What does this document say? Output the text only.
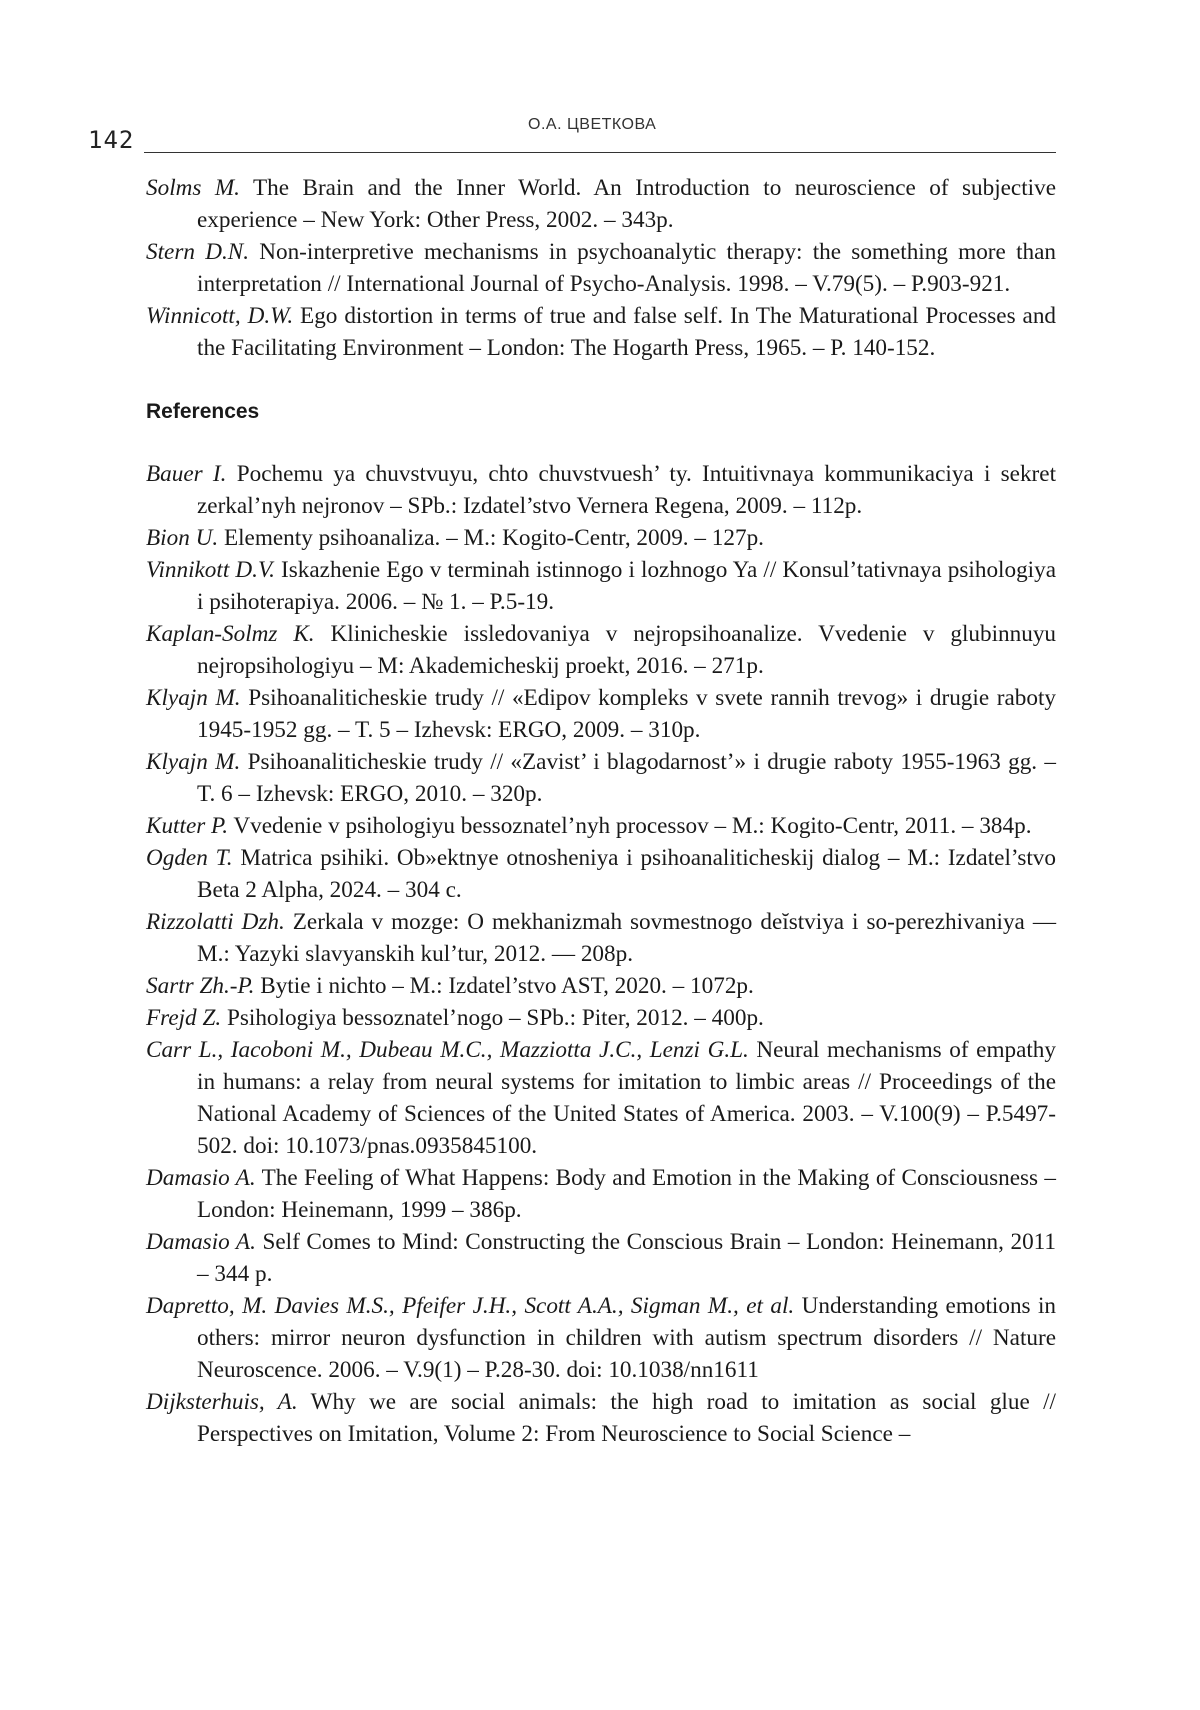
142
О.А. ЦВЕТКОВА

Solms M. The Brain and the Inner World. An Introduction to neuroscience of subjective experience – New York: Other Press, 2002. – 343p.

Stern D.N. Non-interpretive mechanisms in psychoanalytic therapy: the something more than interpretation // International Journal of Psycho-Analysis. 1998. – V.79(5). – P.903-921.

Winnicott, D.W. Ego distortion in terms of true and false self. In The Maturational Processes and the Facilitating Environment – London: The Hogarth Press, 1965. – P. 140-152.

References

Bauer I. Pochemu ya chuvstvuyu, chto chuvstvuesh’ ty. Intuitivnaya kommunikaciya i sekret zerkal’nyh nejronov – SPb.: Izdatel’stvo Vernera Regena, 2009. – 112p.

Bion U. Elementy psihoanaliza. – M.: Kogito-Centr, 2009. – 127p.

Vinnikott D.V. Iskazhenie Ego v terminah istinnogo i lozhnogo Ya // Konsul’tativnaya psihologiya i psihoterapiya. 2006. – № 1. – P.5-19.

Kaplan-Solmz K. Klinicheskie issledovaniya v nejropsihoanalize. Vvedenie v glubinnuyu nejropsihologiyu – M: Akademicheskij proekt, 2016. – 271p.

Klyajn M. Psihoanaliticheskie trudy // «Edipov kompleks v svete rannih trevog» i drugie raboty 1945-1952 gg. – T. 5 – Izhevsk: ERGO, 2009. – 310p.

Klyajn M. Psihoanaliticheskie trudy // «Zavist’ i blagodarnost’» i drugie raboty 1955-1963 gg. – T. 6 – Izhevsk: ERGO, 2010. – 320p.

Kutter P. Vvedenie v psihologiyu bessoznatel’nyh processov – M.: Kogito-Centr, 2011. – 384p.

Ogden T. Matrica psihiki. Ob»ektnye otnosheniya i psihoanaliticheskij dialog – M.: Izdatel’stvo Beta 2 Alpha, 2024. – 304 c.

Rizzolatti Dzh. Zerkala v mozge: O mekhanizmah sovmestnogo deĭstviya i so-perezhivaniya — M.: Yazyki slavyanskih kul’tur, 2012. — 208p.

Sartr Zh.-P. Bytie i nichto – M.: Izdatel’stvo AST, 2020. – 1072p.

Frejd Z. Psihologiya bessoznatel’nogo – SPb.: Piter, 2012. – 400p.

Carr L., Iacoboni M., Dubeau M.C., Mazziotta J.C., Lenzi G.L. Neural mechanisms of empathy in humans: a relay from neural systems for imitation to limbic areas // Proceedings of the National Academy of Sciences of the United States of America. 2003. – V.100(9) – P.5497-502. doi: 10.1073/pnas.0935845100.

Damasio A. The Feeling of What Happens: Body and Emotion in the Making of Consciousness – London: Heinemann, 1999 – 386p.

Damasio A. Self Comes to Mind: Constructing the Conscious Brain – London: Heinemann, 2011 – 344 p.

Dapretto, M. Davies M.S., Pfeifer J.H., Scott A.A., Sigman M., et al. Understanding emotions in others: mirror neuron dysfunction in children with autism spectrum disorders // Nature Neuroscence. 2006. – V.9(1) – P.28-30. doi: 10.1038/nn1611

Dijksterhuis, A. Why we are social animals: the high road to imitation as social glue // Perspectives on Imitation, Volume 2: From Neuroscience to Social Science –
